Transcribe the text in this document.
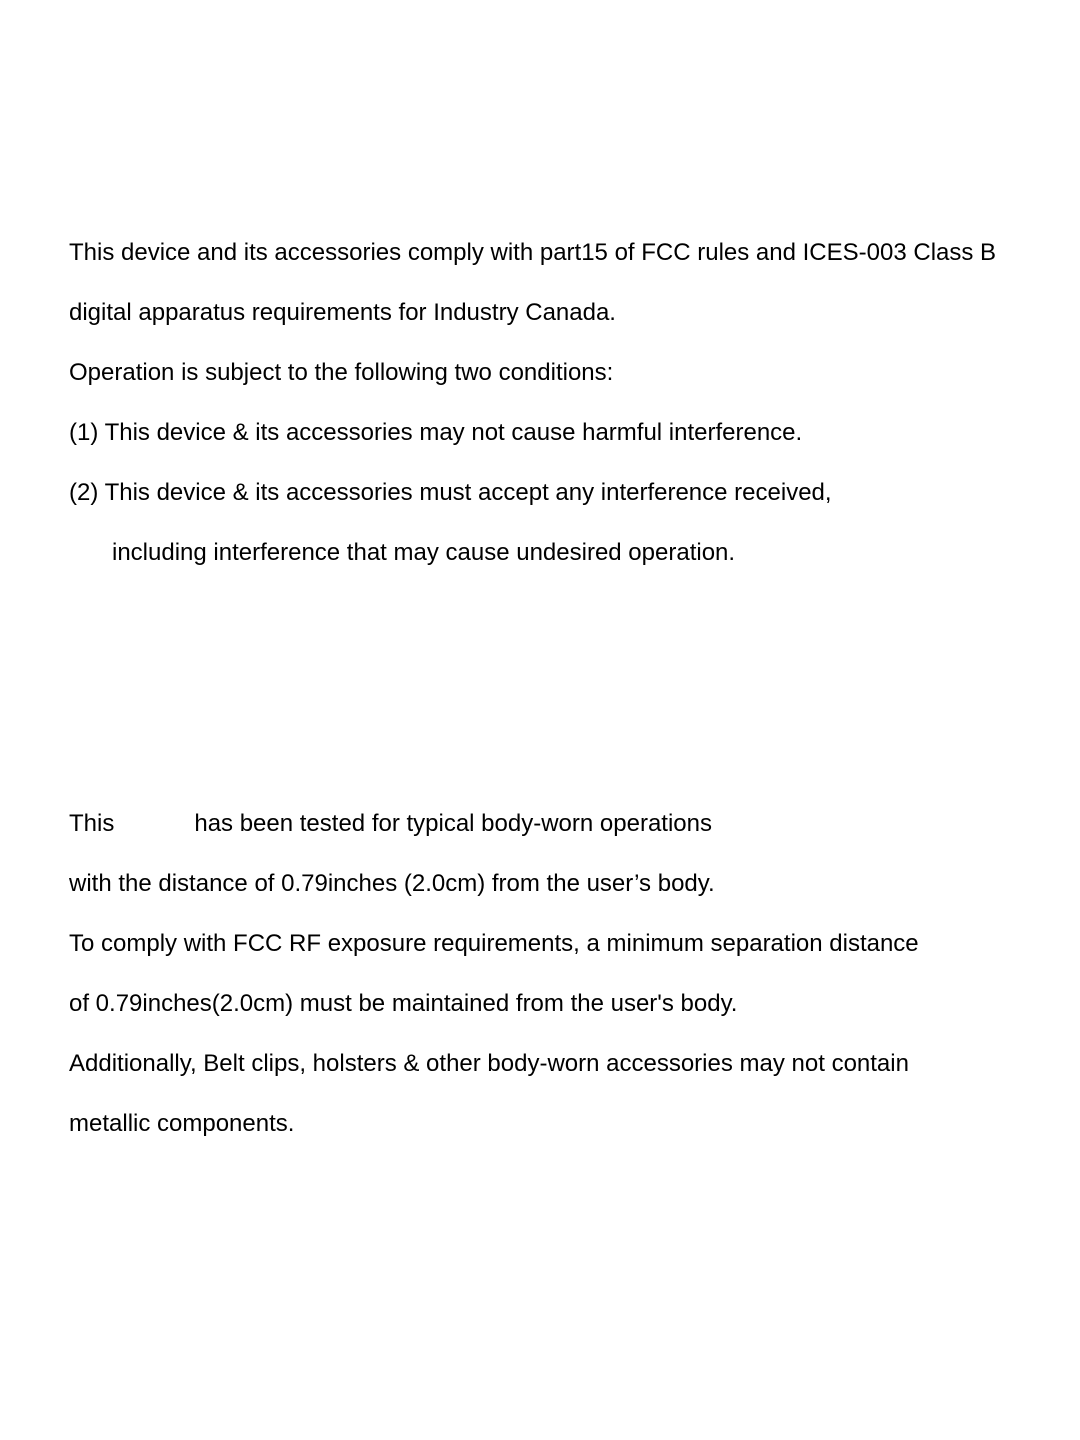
This device and its accessories comply with part15 of FCC rules and ICES-003 Class B
digital apparatus requirements for Industry Canada.
Operation is subject to the following two conditions:
(1) This device & its accessories may not cause harmful interference.
(2) This device & its accessories must accept any interference received,
including interference that may cause undesired operation.
This	has been tested for typical body-worn operations
with the distance of 0.79inches (2.0cm) from the user’s body.
To comply with FCC RF exposure requirements, a minimum separation distance
of 0.79inches(2.0cm) must be maintained from the user's body.
Additionally, Belt clips, holsters & other body-worn accessories may not contain
metallic components.
